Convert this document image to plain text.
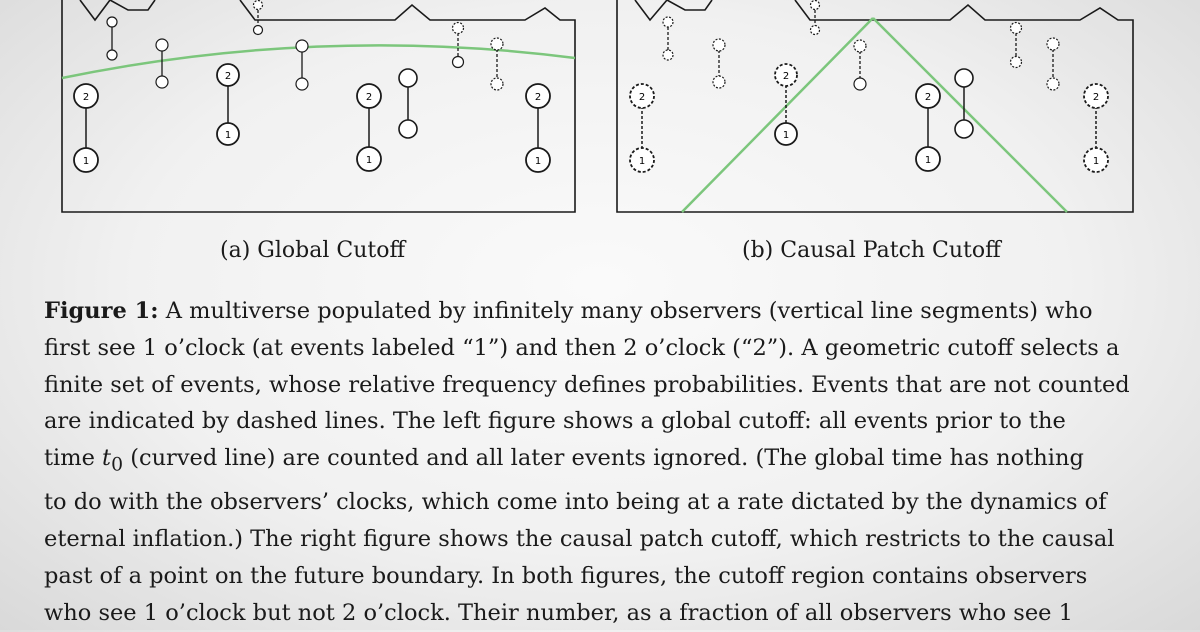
2
1
2
1
2
1
2
1
2
1
2
1
2
1
2
1
(a) Global Cutoff	(b) Causal Patch Cutoff
Figure 1: A multiverse populated by infinitely many observers (vertical line segments) who
first see 1 o’clock (at events labeled “1”) and then 2 o’clock (“2”). A geometric cutoff selects a
finite set of events, whose relative frequency defines probabilities. Events that are not counted
are indicated by dashed lines. The left figure shows a global cutoff: all events prior to the
time $t_0$ (curved line) are counted and all later events ignored. (The global time has nothing
to do with the observers’ clocks, which come into being at a rate dictated by the dynamics of
eternal inflation.) The right figure shows the causal patch cutoff, which restricts to the causal
past of a point on the future boundary. In both figures, the cutoff region contains observers
who see 1 o’clock but not 2 o’clock. Their number, as a fraction of all observers who see 1
